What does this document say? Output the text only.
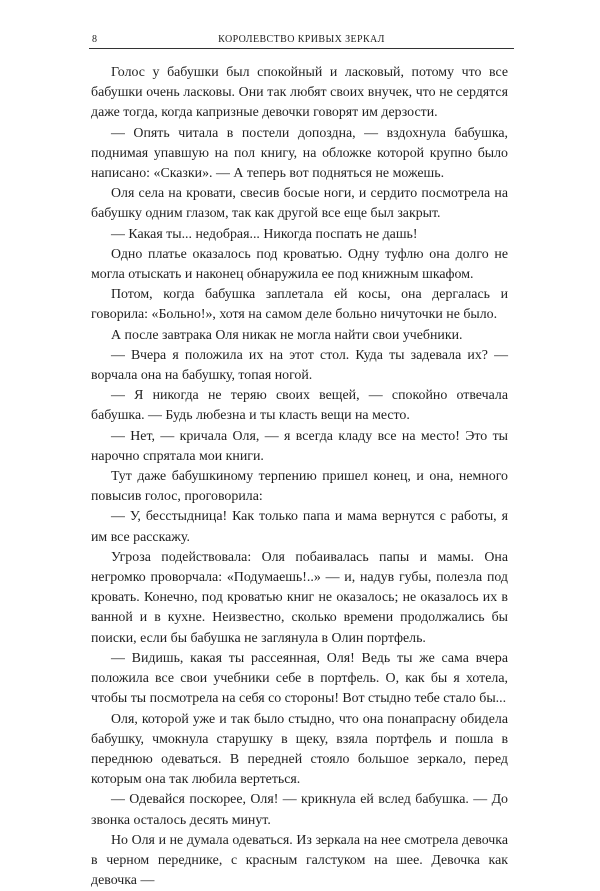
8	КОРОЛЕВСТВО КРИВЫХ ЗЕРКАЛ

Голос у бабушки был спокойный и ласковый, потому что все бабушки очень ласковы. Они так любят своих внучек, что не сердятся даже тогда, когда капризные девочки говорят им дерзости.

— Опять читала в постели допоздна, — вздохнула бабушка, поднимая упавшую на пол книгу, на обложке которой крупно было написано: «Сказки». — А теперь вот подняться не можешь.

Оля села на кровати, свесив босые ноги, и сердито посмотрела на бабушку одним глазом, так как другой все еще был закрыт.

— Какая ты... недобрая... Никогда поспать не дашь!

Одно платье оказалось под кроватью. Одну туфлю она долго не могла отыскать и наконец обнаружила ее под книжным шкафом.

Потом, когда бабушка заплетала ей косы, она дергалась и говорила: «Больно!», хотя на самом деле больно ничуточки не было.

А после завтрака Оля никак не могла найти свои учебники.

— Вчера я положила их на этот стол. Куда ты задевала их? — ворчала она на бабушку, топая ногой.

— Я никогда не теряю своих вещей, — спокойно отвечала бабушка. — Будь любезна и ты класть вещи на место.

— Нет, — кричала Оля, — я всегда кладу все на место! Это ты нарочно спрятала мои книги.

Тут даже бабушкиному терпению пришел конец, и она, немного повысив голос, проговорила:

— У, бесстыдница! Как только папа и мама вернутся с работы, я им все расскажу.

Угроза подействовала: Оля побаивалась папы и мамы. Она негромко проворчала: «Подумаешь!..» — и, надув губы, полезла под кровать. Конечно, под кроватью книг не оказалось; не оказалось их в ванной и в кухне. Неизвестно, сколько времени продолжались бы поиски, если бы бабушка не заглянула в Олин портфель.

— Видишь, какая ты рассеянная, Оля! Ведь ты же сама вчера положила все свои учебники себе в портфель. О, как бы я хотела, чтобы ты посмотрела на себя со стороны! Вот стыдно тебе стало бы...

Оля, которой уже и так было стыдно, что она понапрасну обидела бабушку, чмокнула старушку в щеку, взяла портфель и пошла в переднюю одеваться. В передней стояло большое зеркало, перед которым она так любила вертеться.

— Одевайся поскорее, Оля! — крикнула ей вслед бабушка. — До звонка осталось десять минут.

Но Оля и не думала одеваться. Из зеркала на нее смотрела девочка в черном переднике, с красным галстуком на шее. Девочка как девочка —
